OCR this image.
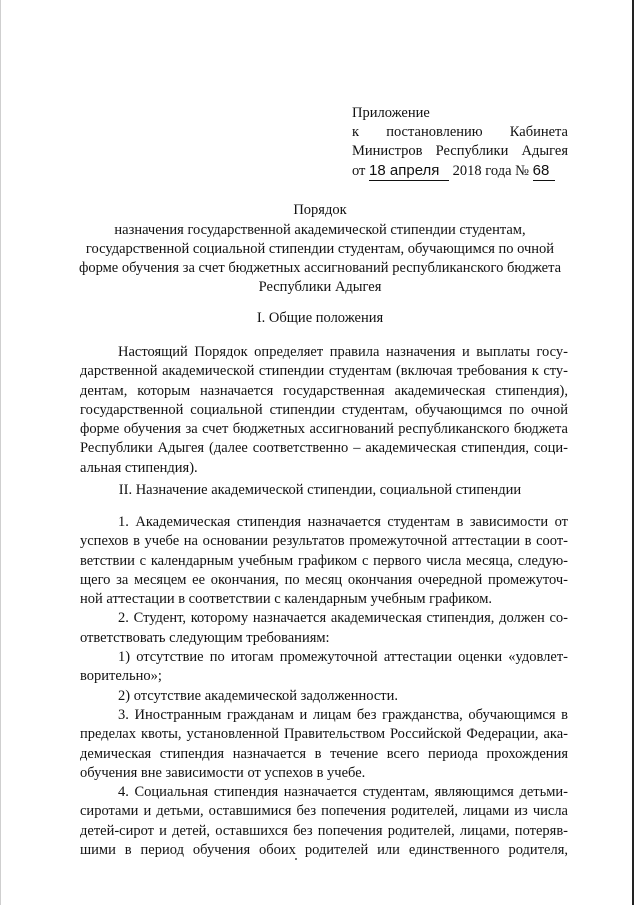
Приложение
к постановлению Кабинета
Министров Республики Адыгея
от 18 апреля 2018 года № 68
Порядок
назначения государственной академической стипендии студентам,
государственной социальной стипендии студентам, обучающимся по очной
форме обучения за счет бюджетных ассигнований республиканского бюджета
Республики Адыгея
I. Общие положения
Настоящий Порядок определяет правила назначения и выплаты госу-
дарственной академической стипендии студентам (включая требования к сту-
дентам, которым назначается государственная академическая стипендия),
государственной социальной стипендии студентам, обучающимся по очной
форме обучения за счет бюджетных ассигнований республиканского бюджета
Республики Адыгея (далее соответственно – академическая стипендия, соци-
альная стипендия).
II. Назначение академической стипендии, социальной стипендии
1. Академическая стипендия назначается студентам в зависимости от
успехов в учебе на основании результатов промежуточной аттестации в соот-
ветствии с календарным учебным графиком с первого числа месяца, следую-
щего за месяцем ее окончания, по месяц окончания очередной промежуточ-
ной аттестации в соответствии с календарным учебным графиком.
2. Студент, которому назначается академическая стипендия, должен со-
ответствовать следующим требованиям:
1) отсутствие по итогам промежуточной аттестации оценки «удовлет-
ворительно»;
2) отсутствие академической задолженности.
3. Иностранным гражданам и лицам без гражданства, обучающимся в
пределах квоты, установленной Правительством Российской Федерации, ака-
демическая стипендия назначается в течение всего периода прохождения
обучения вне зависимости от успехов в учебе.
4. Социальная стипендия назначается студентам, являющимся детьми-
сиротами и детьми, оставшимися без попечения родителей, лицами из числа
детей-сирот и детей, оставшихся без попечения родителей, лицами, потеряв-
шими в период обучения обоих родителей или единственного родителя,
